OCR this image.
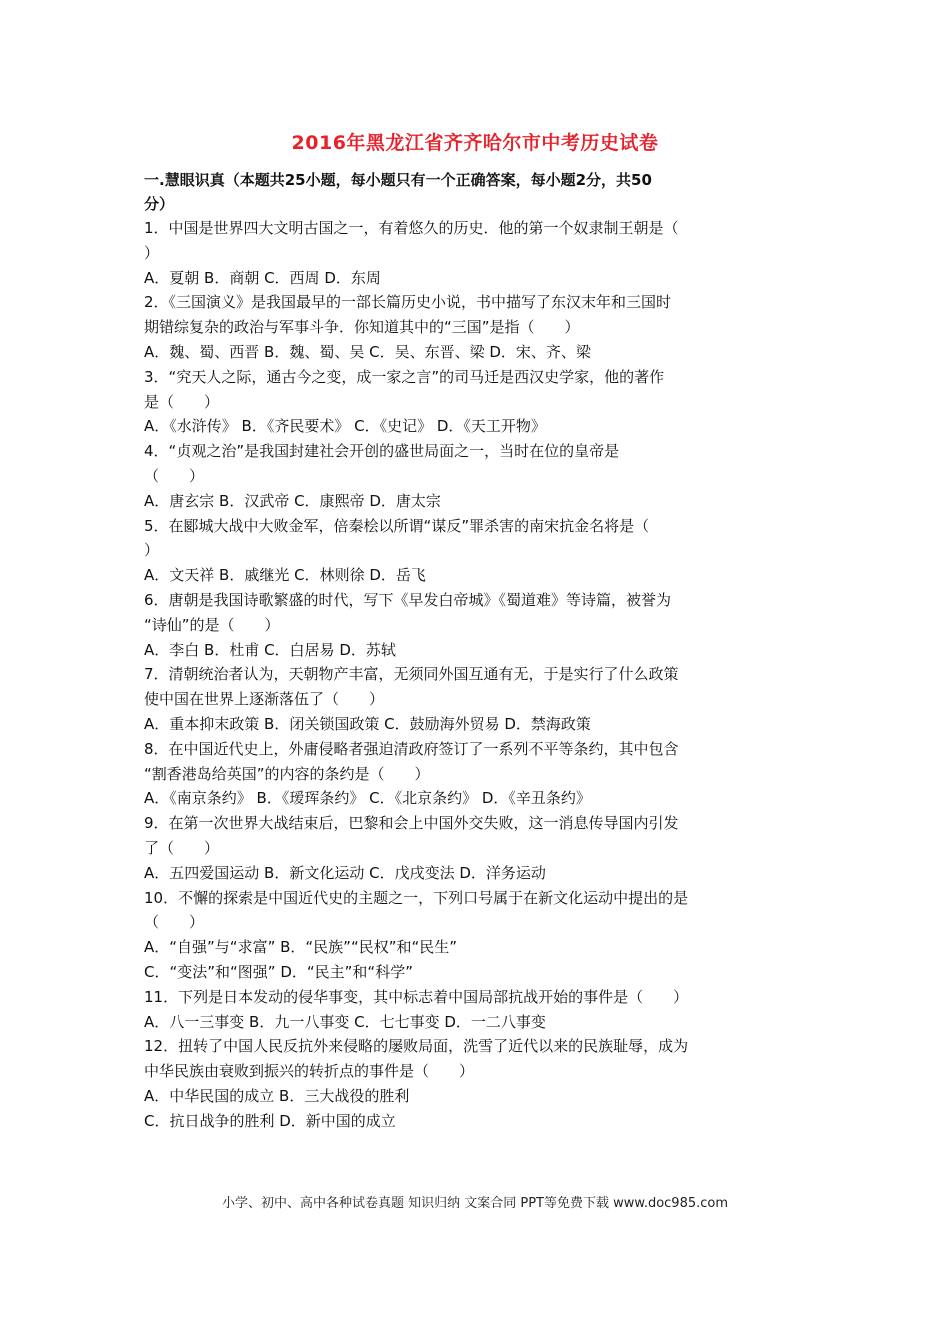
2016年黑龙江省齐齐哈尔市中考历史试卷

一.慧眼识真（本题共25小题，每小题只有一个正确答案，每小题2分，共50

分）

1．中国是世界四大文明古国之一，有着悠久的历史．他的第一个奴隶制王朝是（

）

A．夏朝 B．商朝 C．西周 D．东周

2．《三国演义》是我国最早的一部长篇历史小说，书中描写了东汉末年和三国时

期错综复杂的政治与军事斗争．你知道其中的“三国”是指（　　）

A．魏、蜀、西晋 B．魏、蜀、吴 C．吴、东晋、梁 D．宋、齐、梁

3．“究天人之际，通古今之变，成一家之言”的司马迁是西汉史学家，他的著作

是（　　）

A．《水浒传》 B．《齐民要术》 C．《史记》 D．《天工开物》

4．“贞观之治”是我国封建社会开创的盛世局面之一，当时在位的皇帝是

（　　）

A．唐玄宗 B．汉武帝 C．康熙帝 D．唐太宗

5．在郾城大战中大败金军，倍秦桧以所谓“谋反”罪杀害的南宋抗金名将是（

）

A．文天祥 B．戚继光 C．林则徐 D．岳飞

6．唐朝是我国诗歌繁盛的时代，写下《早发白帝城》《蜀道难》等诗篇，被誉为

“诗仙”的是（　　）

A．李白 B．杜甫 C．白居易 D．苏轼

7．清朝统治者认为，天朝物产丰富，无须同外国互通有无，于是实行了什么政策

使中国在世界上逐渐落伍了（　　）

A．重本抑末政策 B．闭关锁国政策 C．鼓励海外贸易 D．禁海政策

8．在中国近代史上，外庸侵略者强迫清政府签订了一系列不平等条约，其中包含

“割香港岛给英国”的内容的条约是（　　）

A．《南京条约》 B．《瑷珲条约》 C．《北京条约》 D．《辛丑条约》

9．在第一次世界大战结束后，巴黎和会上中国外交失败，这一消息传导国内引发

了（　　）

A．五四爱国运动 B．新文化运动 C．戊戌变法 D．洋务运动

10．不懈的探索是中国近代史的主题之一，下列口号属于在新文化运动中提出的是

（　　）

A．“自强”与“求富” B．“民族”“民权”和“民生”

C．“变法”和“图强” D．“民主”和“科学”

11．下列是日本发动的侵华事变，其中标志着中国局部抗战开始的事件是（　　）

A．八一三事变 B．九一八事变 C．七七事变 D．一二八事变

12．扭转了中国人民反抗外来侵略的屡败局面，洗雪了近代以来的民族耻辱，成为

中华民族由衰败到振兴的转折点的事件是（　　）

A．中华民国的成立 B．三大战役的胜利

C．抗日战争的胜利 D．新中国的成立

小学、初中、高中各种试卷真题 知识归纳 文案合同 PPT等免费下载 www.doc985.com
